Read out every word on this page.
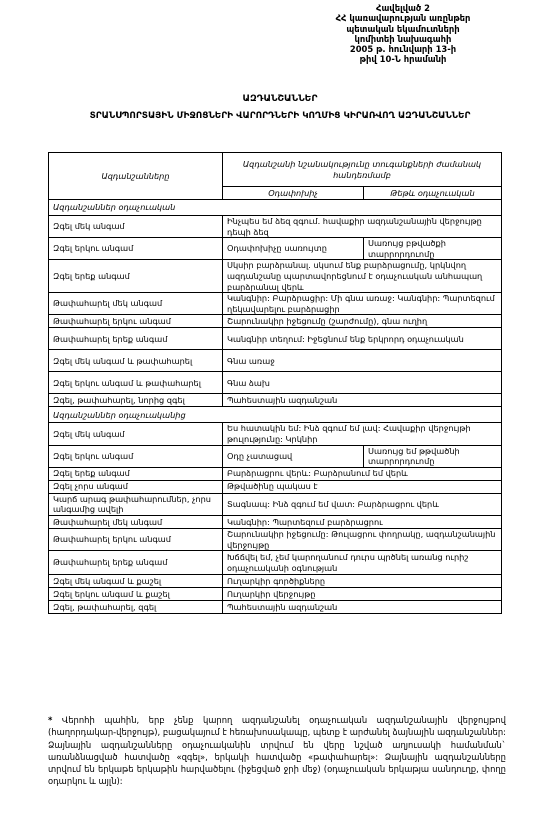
Հավելված 2
ՀՀ կառավարության առընթեր
պետական եկամուտների
կոմիտեի նախագահի
2005 թ. հունվարի 13-ի
թիվ 10-Ն հրամանի
ԱԶԴԱՆՇԱՆՆԵՐ
ՏՐԱՆՍՊՈՐՏԱՅԻՆ ՄԻՋՈՑՆԵՐԻ ՎԱՐՈՐԴՆԵՐԻ ԿՈՂՄԻՑ ԿԻՐԱՌՎՈՂ ԱԶԴԱՆՇԱՆՆԵՐ
Ազդանշանները	Ազդանշանի նշանակությունը տուգանքների ժամանակ հանդեռմամբ	
	Օդափոխիչ	Թեթև օդաչուական
Ազդանշաններ օդաչուական		
Զգել մեկ անգամ	Ինչպես եմ ձեզ զգում. հավաքիր ազդանշանային վերջույթը դեպի ձեզ	
Զգել երկու անգամ	Օդափոխիչը սառույտը	Սառույց բթվածքի տարրորդուոմը
Զգել երեք անգամ	Սկսիր բարձրանալ. սկսում ենք բարձրացումը, կրկնվող ազդանշանը պարտավորեցնում է օդաչուական անհապաղ բարձրանալ վերև	
Թափահարել մեկ անգամ	Կանգնիր: Բարձրացիր: Մի գնա առաջ: Կանգնիր: Պարտեզում ղեկավարելու բարձրացիր	
Թափահարել երկու անգամ	Շարունակիր իջեցումը (շարժումը), գնա ուղիղ	
Թափահարել երեք անգամ	Կանգնիր տեղում: Իջեցնում ենք երկրորդ օդաչուական	
Զգել մեկ անգամ և թափահարել	Գնա առաջ	
Զգել երկու անգամ և թափահարել	Գնա ձախ	
Զգել, թափահարել, նորից զգել	Պահեստային ազդանշան	
Ազդանշաններ օդաչուականից		
Զգել մեկ անգամ	Ես հատակին եմ: Ինձ զգում եմ լավ: Հավաքիր վերջույթի թուլությունը: Կրկնիր	
Զգել երկու անգամ	Օդը չատացավ	Սառույց եմ թթվածնի տարրորդուոմը
Զգել երեք անգամ	Բարձրացրու վերև: Բարձրանում եմ վերև	
Զգել չորս անգամ	Թթվածինը պակաս է	
Կարճ արագ թափահարումներ, չորս անգամից ավելի	Տագնապ: Ինձ զգում եմ վատ: Բարձրացրու վերև	
Թափահարել մեկ անգամ	Կանգնիր: Պարտեզում բարձրացրու	
Թափահարել երկու անգամ	Շարունակիր իջեցումը: Թուլացրու փողրակը, ազդանշանային վերջույթը	
Թափահարել երեք անգամ	Խճճվել եմ, չեմ կարողանում դուրս պրծնել առանց ուրիշ օդաչուականի օգնության	
Զգել մեկ անգամ և քաշել	Ուղարկիր գործիքները	
Զգել երկու անգամ և քաշել	Ուղարկիր վերջույթը	
Զգել, թափահարել, զգել	Պահեստային ազդանշան	
* Վերոհի պահին, երբ չենք կարող ազդանշանել օդաչուական ազդանշանային վերջույթով (հաղորդակար-վերջույթ), բացակայում է հեռախոսակապը, պետք է արժանել ձայնային ազդանշաններ: Ձայնային ազդանշանները օդաչուականին տրվում են վերը նշված աղյուսակի համանման` առանձնացված հատվածը «զգել», երկակի հատվածը «թափահարել»: Ձայնային ազդանշանները տրվում են երկաթե երկաթին հարվածելու (իջեցված ջրի մեջ) (օդաչուական երկաթյա սանդուղք, փողը օդարկու և այլն):
